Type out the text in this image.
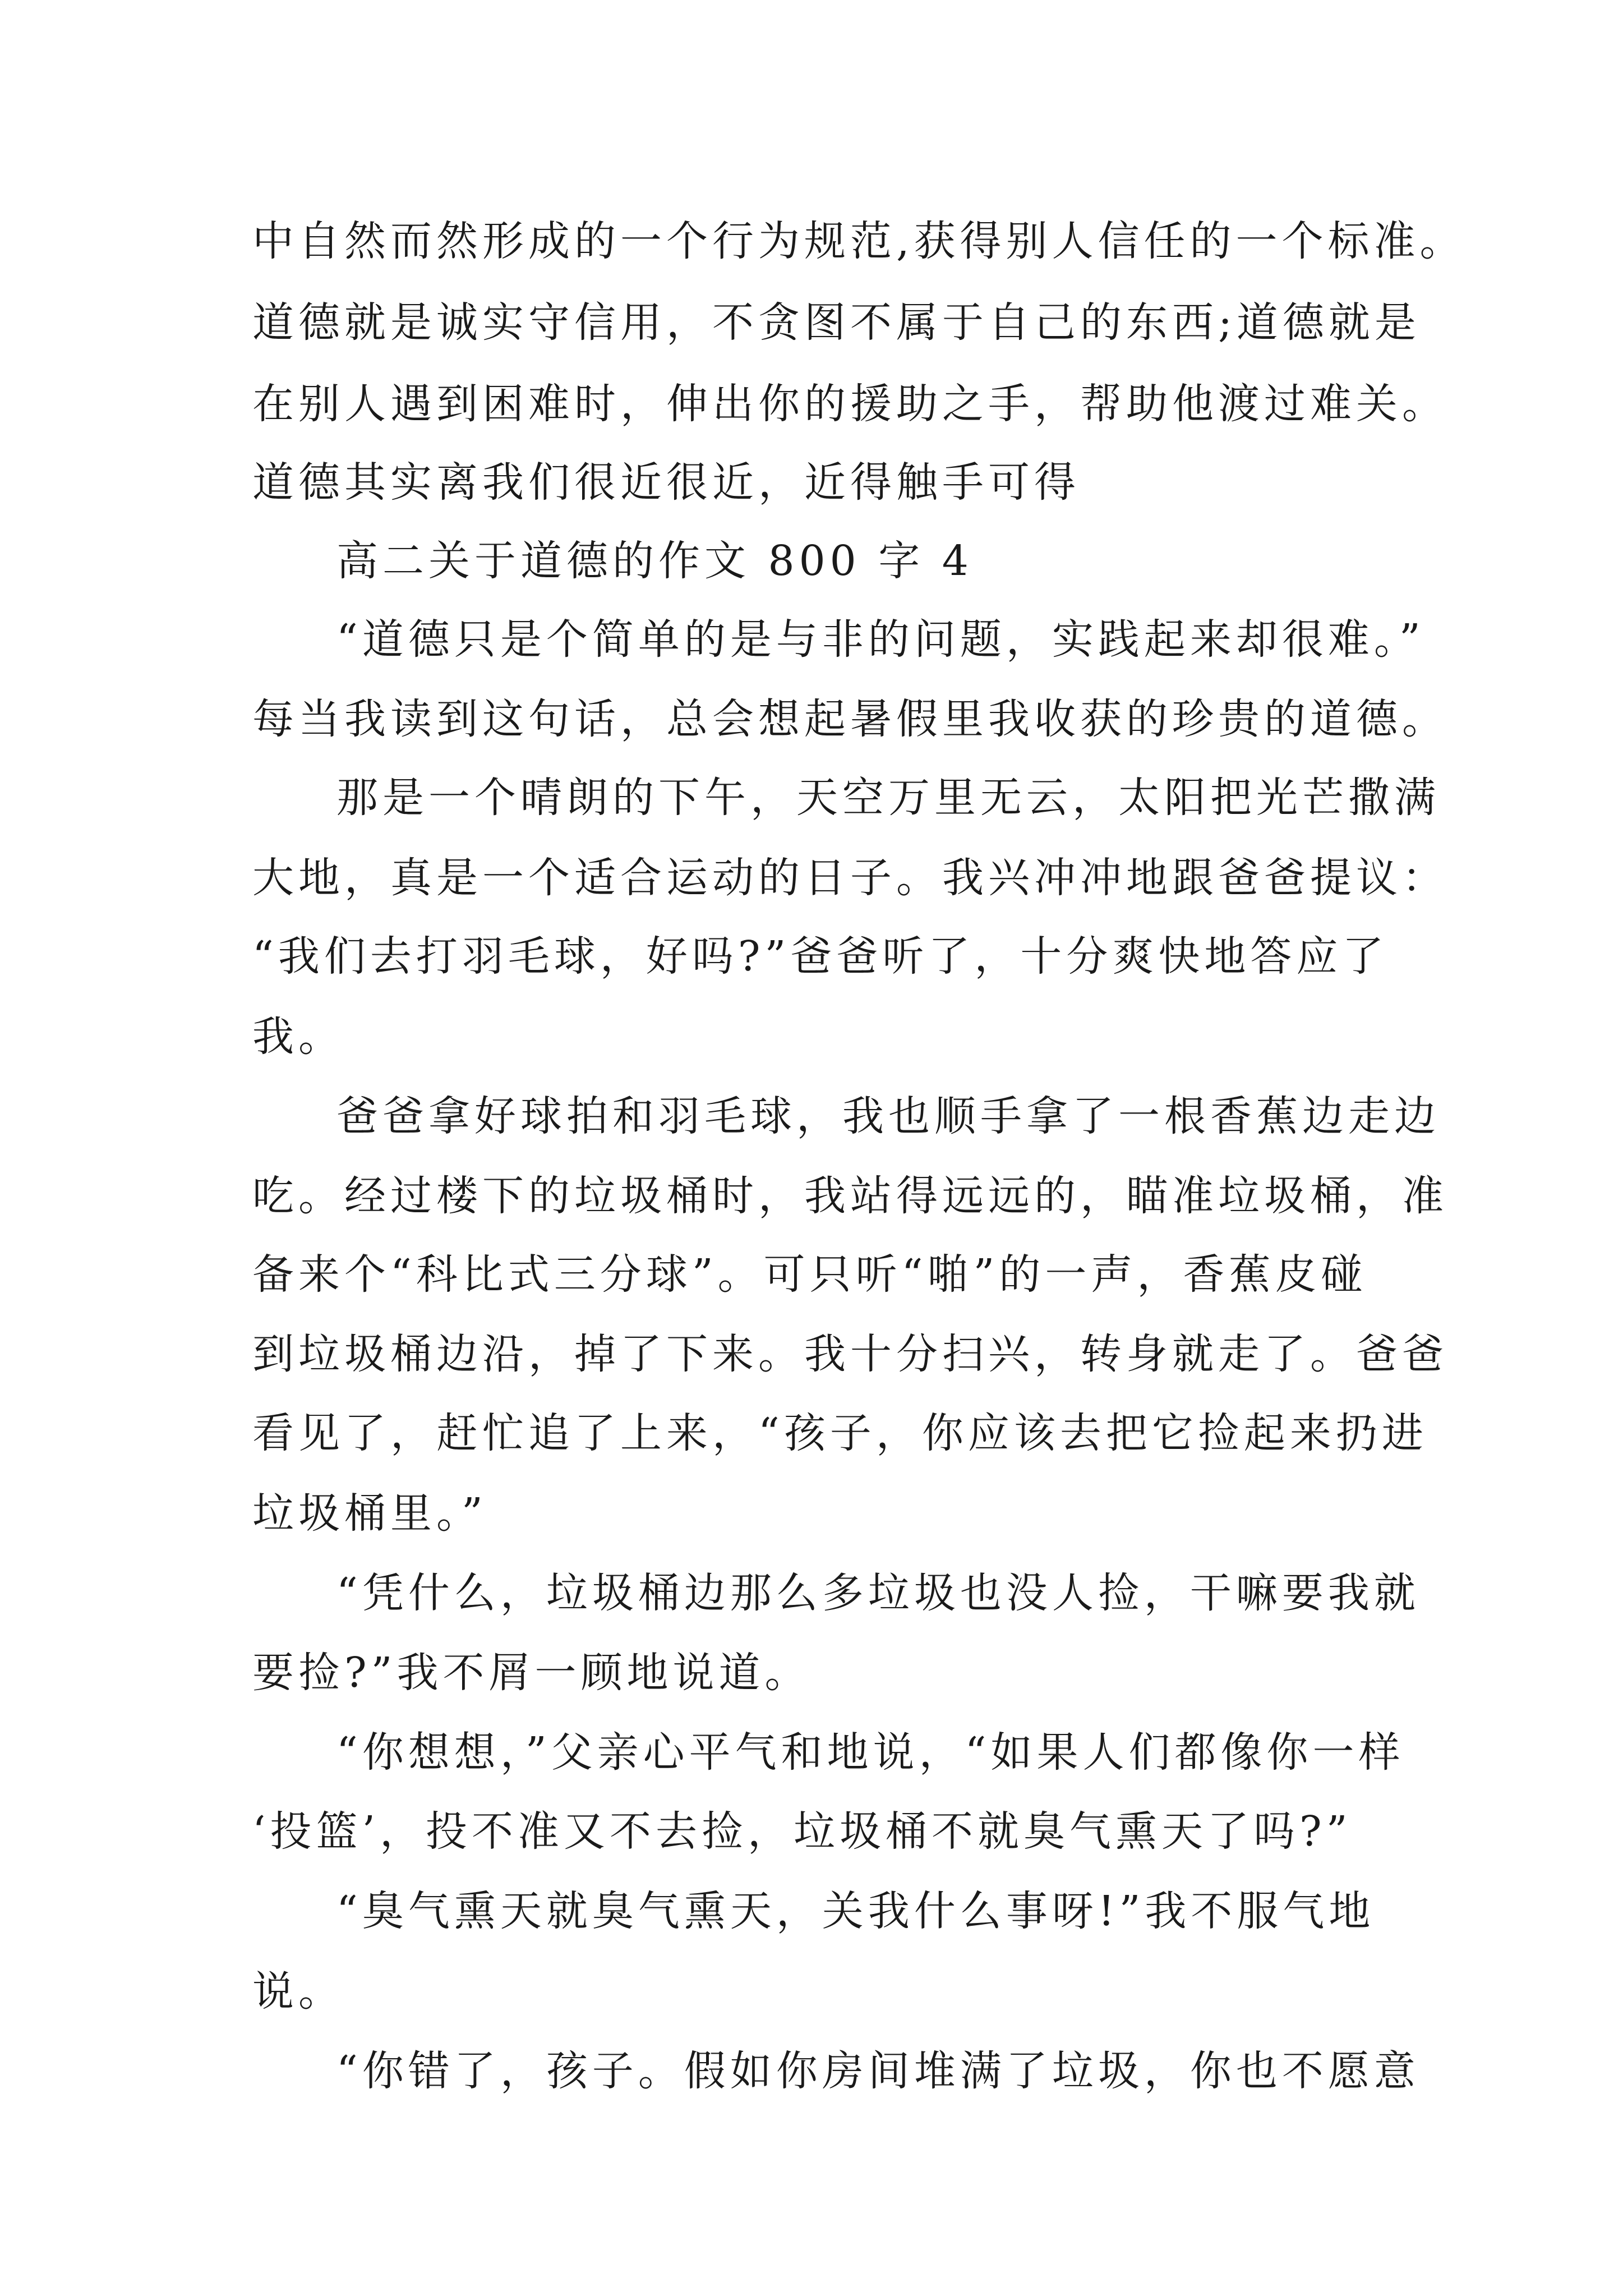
中自然而然形成的一个行为规范,获得别人信任的一个标准。
道德就是诚实守信用，不贪图不属于自己的东西;道德就是
在别人遇到困难时，伸出你的援助之手，帮助他渡过难关。
道德其实离我们很近很近，近得触手可得
高二关于道德的作文 800 字 4
“道德只是个简单的是与非的问题，实践起来却很难。”
每当我读到这句话，总会想起暑假里我收获的珍贵的道德。
那是一个晴朗的下午，天空万里无云，太阳把光芒撒满
大地，真是一个适合运动的日子。我兴冲冲地跟爸爸提议：
“我们去打羽毛球，好吗?”爸爸听了，十分爽快地答应了
我。
爸爸拿好球拍和羽毛球，我也顺手拿了一根香蕉边走边
吃。经过楼下的垃圾桶时，我站得远远的，瞄准垃圾桶，准
备来个“科比式三分球”。可只听“啪”的一声，香蕉皮碰
到垃圾桶边沿，掉了下来。我十分扫兴，转身就走了。爸爸
看见了，赶忙追了上来，“孩子，你应该去把它捡起来扔进
垃圾桶里。”
“凭什么，垃圾桶边那么多垃圾也没人捡，干嘛要我就
要捡?”我不屑一顾地说道。
“你想想，”父亲心平气和地说，“如果人们都像你一样
‘投篮’，投不准又不去捡，垃圾桶不就臭气熏天了吗?”
“臭气熏天就臭气熏天，关我什么事呀!”我不服气地
说。
“你错了，孩子。假如你房间堆满了垃圾，你也不愿意
